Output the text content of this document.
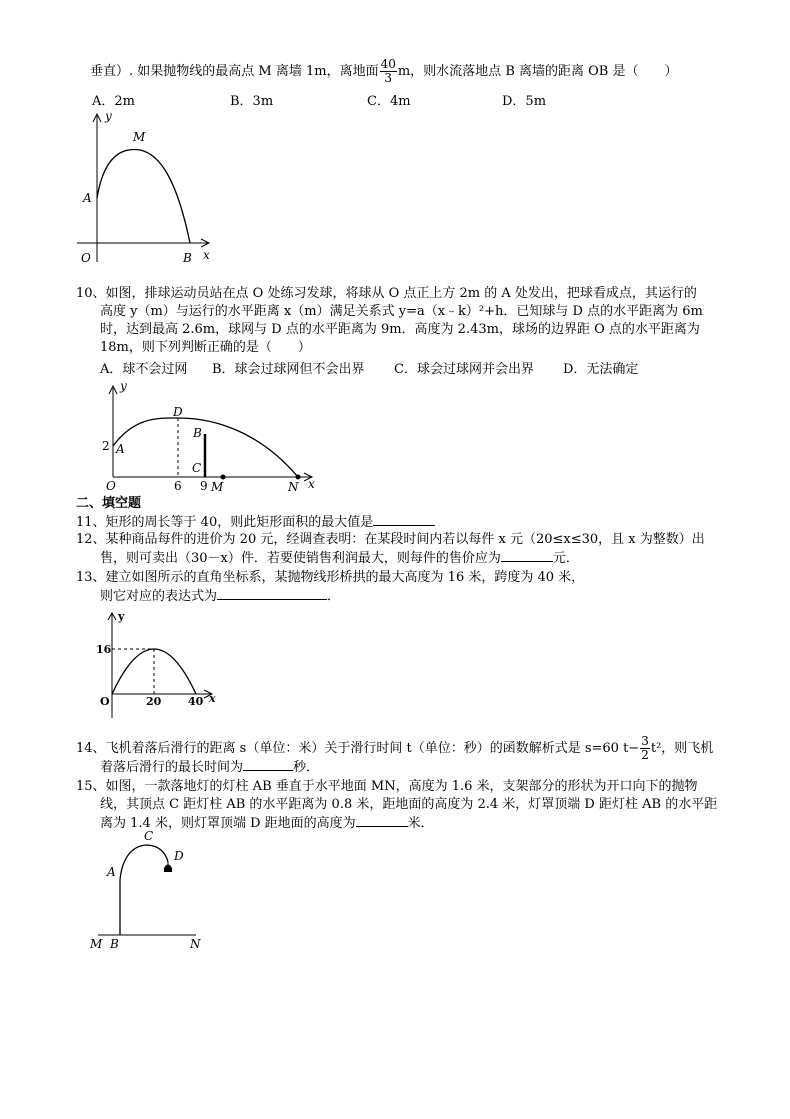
垂直）. 如果抛物线的最高点 M 离墙 1m，离地面 $\frac{40}{3}$ m，则水流落地点 B 离墙的距离 OB 是（　　）
A．2m	B．3m	C．4m	D．5m
y
M
A
O	B x
10、如图，排球运动员站在点 O 处练习发球，将球从 O 点正上方 2m 的 A 处发出，把球看成点，其运行的
高度 y（m）与运行的水平距离 x（m）满足关系式 y=a（x﹣k）²+h．已知球与 D 点的水平距离为 6m
时，达到最高 2.6m，球网与 D 点的水平距离为 9m．高度为 2.43m，球场的边界距 O 点的水平距离为
18m，则下列判断正确的是（　　）
A．球不会过网 B．球会过球网但不会出界 C．球会过球网并会出界 D．无法确定
y
D
B
2 A
C
O	6 9 M	N x
二、填空题
11、矩形的周长等于 40，则此矩形面积的最大值是
12、某种商品每件的进价为 20 元，经调查表明：在某段时间内若以每件 x 元（20≤x≤30，且 x 为整数）出
售，则可卖出（30－x）件．若要使销售利润最大，则每件的售价应为	元．
13、建立如图所示的直角坐标系，某抛物线形桥拱的最大高度为 16 米，跨度为 40 米，
则它对应的表达式为	．
y
16
O	20 40 x
14、飞机着落后滑行的距离 s（单位：米）关于滑行时间 t（单位：秒）的函数解析式是 s=60 $t- \frac{3}{2} t^2$，则飞机
着落后滑行的最长时间为	秒．
15、如图，一款落地灯的灯柱 AB 垂直于水平地面 MN，高度为 1.6 米，支架部分的形状为开口向下的抛物
线，其顶点 C 距灯柱 AB 的水平距离为 0.8 米，距地面的高度为 2.4 米，灯罩顶端 D 距灯柱 AB 的水平距
离为 1.4 米，则灯罩顶端 D 距地面的高度为	米．
C
D
A
M B	N
